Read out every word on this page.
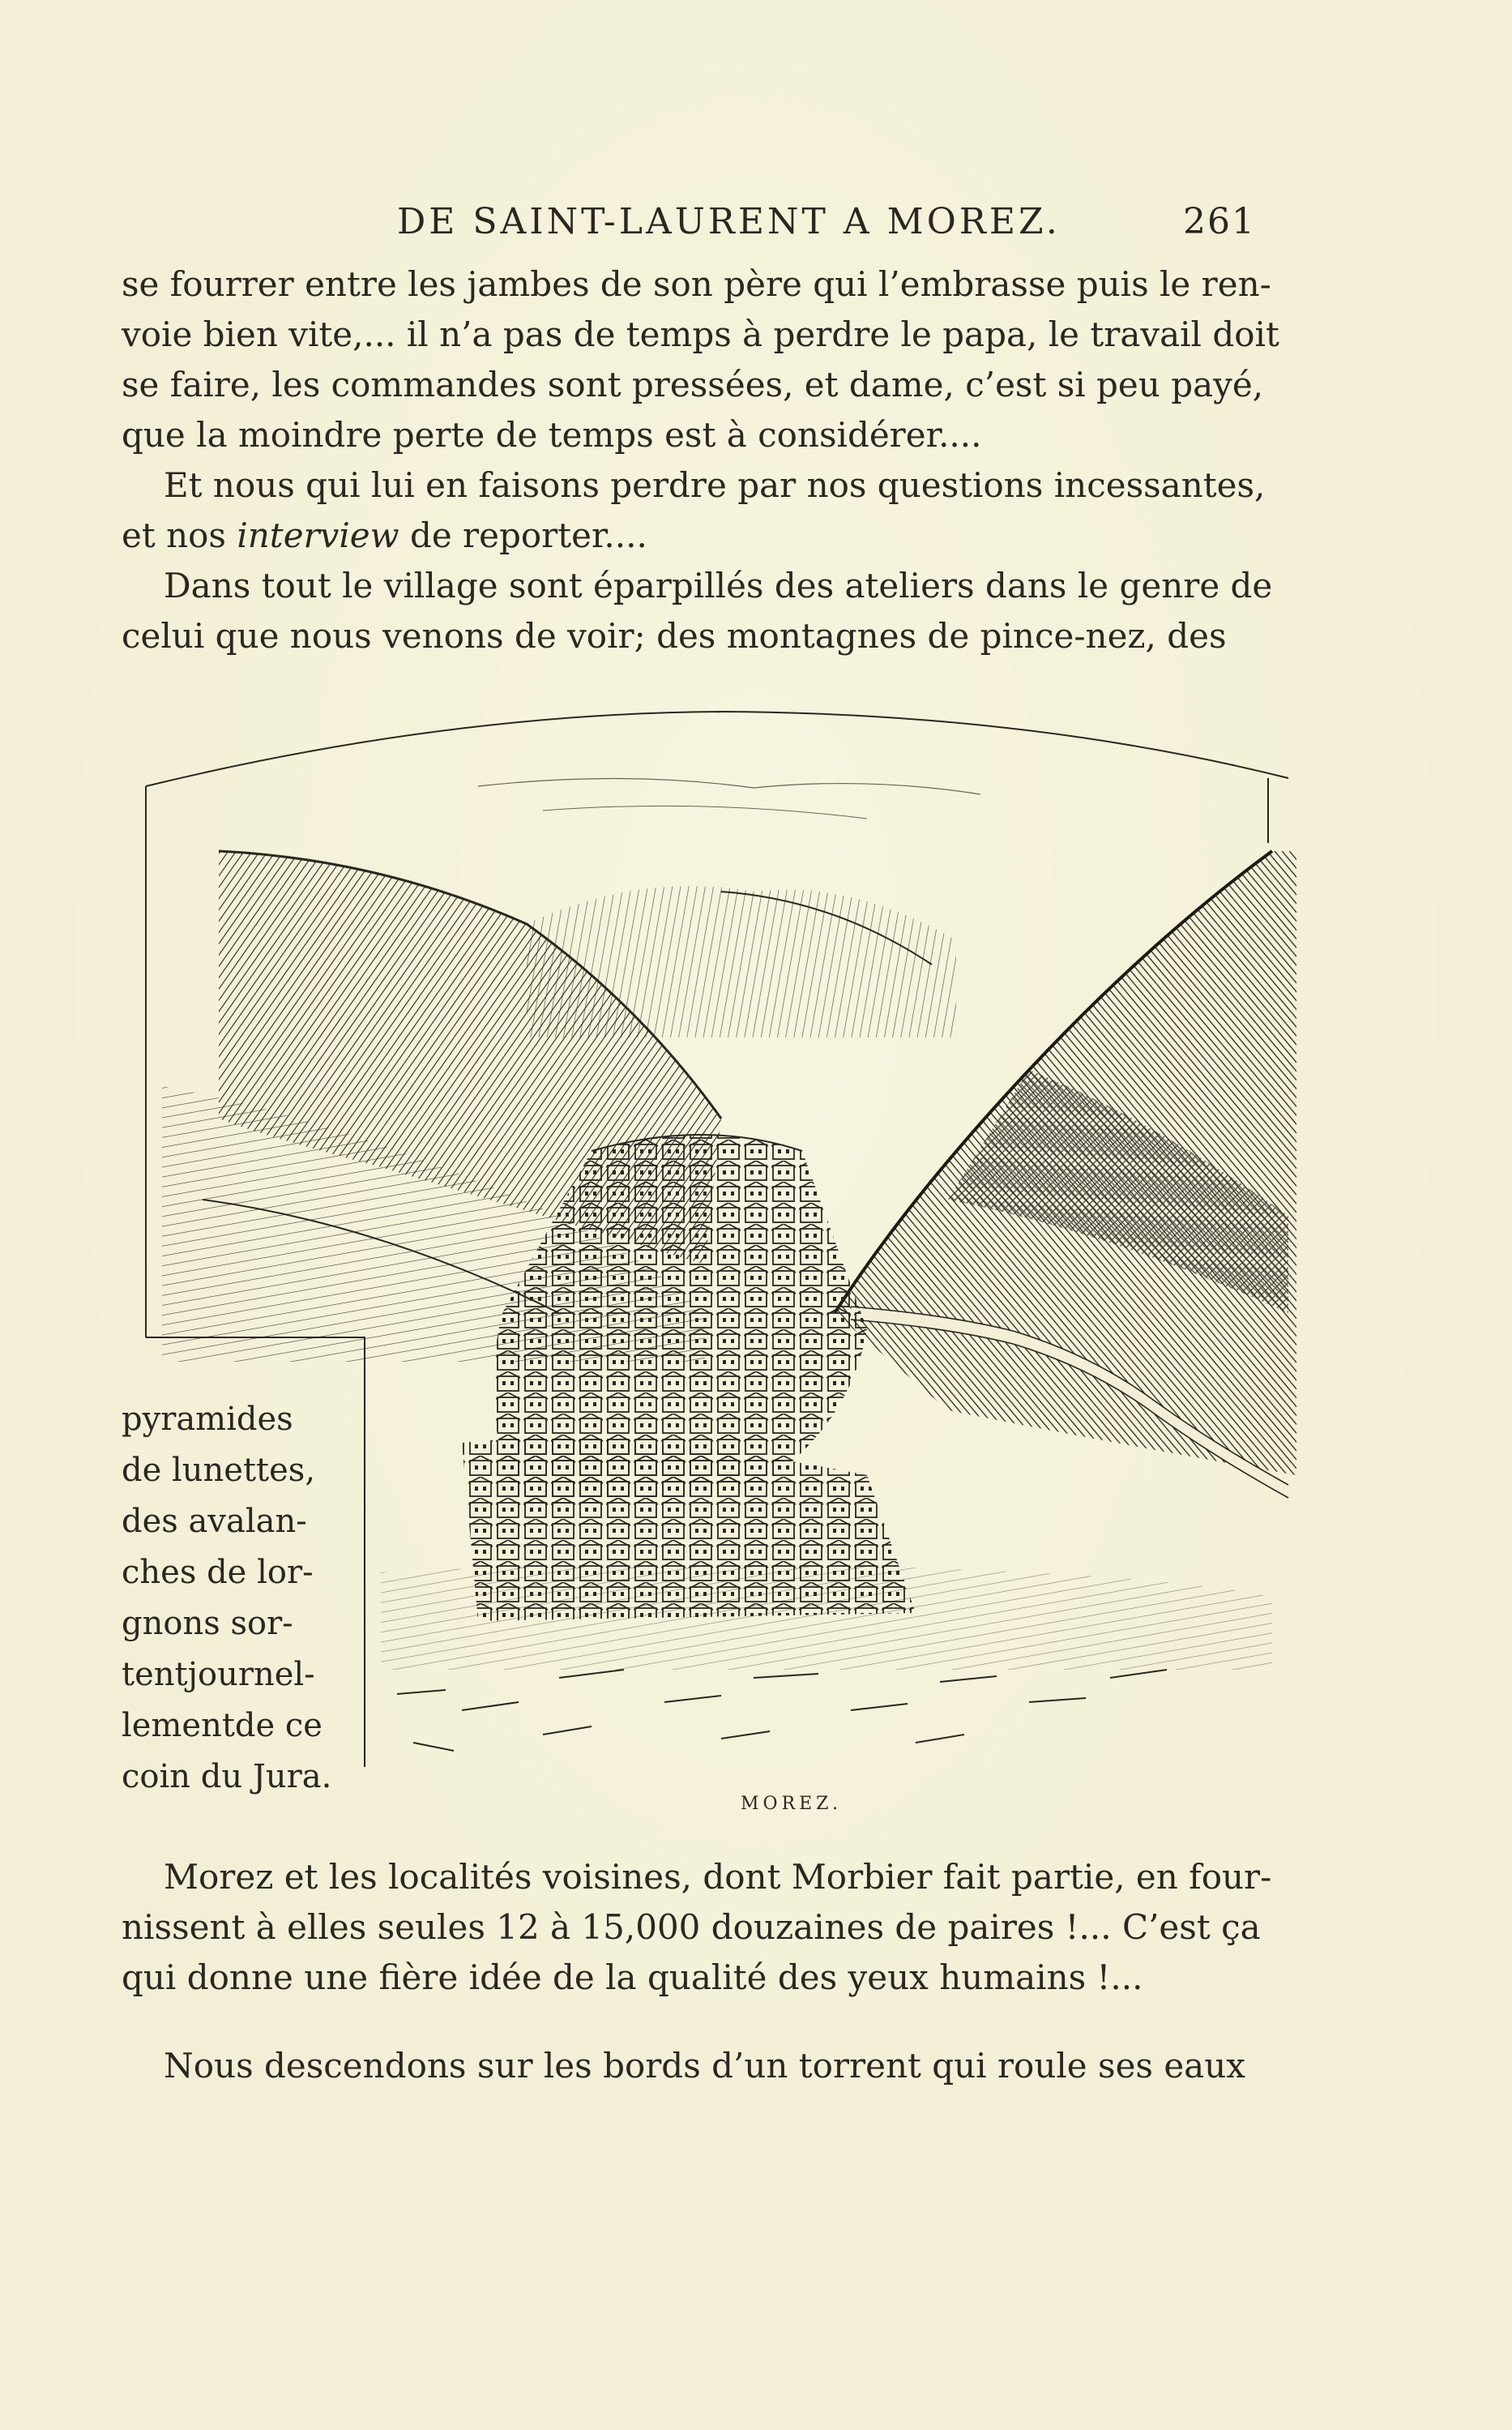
DE SAINT-LAURENT A MOREZ.	261
se fourrer entre les jambes de son père qui l’embrasse puis le ren-
voie bien vite,... il n’a pas de temps à perdre le papa, le travail doit
se faire, les commandes sont pressées, et dame, c’est si peu payé,
que la moindre perte de temps est à considérer....
Et nous qui lui en faisons perdre par nos questions incessantes,
et nos interview de reporter....
Dans tout le village sont éparpillés des ateliers dans le genre de
celui que nous venons de voir; des montagnes de pince-nez, des
pyramides
de lunettes,
des avalan-
ches de lor-
gnons sor-
tentjournel-
lementde ce
coin du Jura.
MOREZ.
Morez et les localités voisines, dont Morbier fait partie, en four-
nissent à elles seules 12 à 15,000 douzaines de paires !... C’est ça
qui donne une fière idée de la qualité des yeux humains !...
Nous descendons sur les bords d’un torrent qui roule ses eaux
